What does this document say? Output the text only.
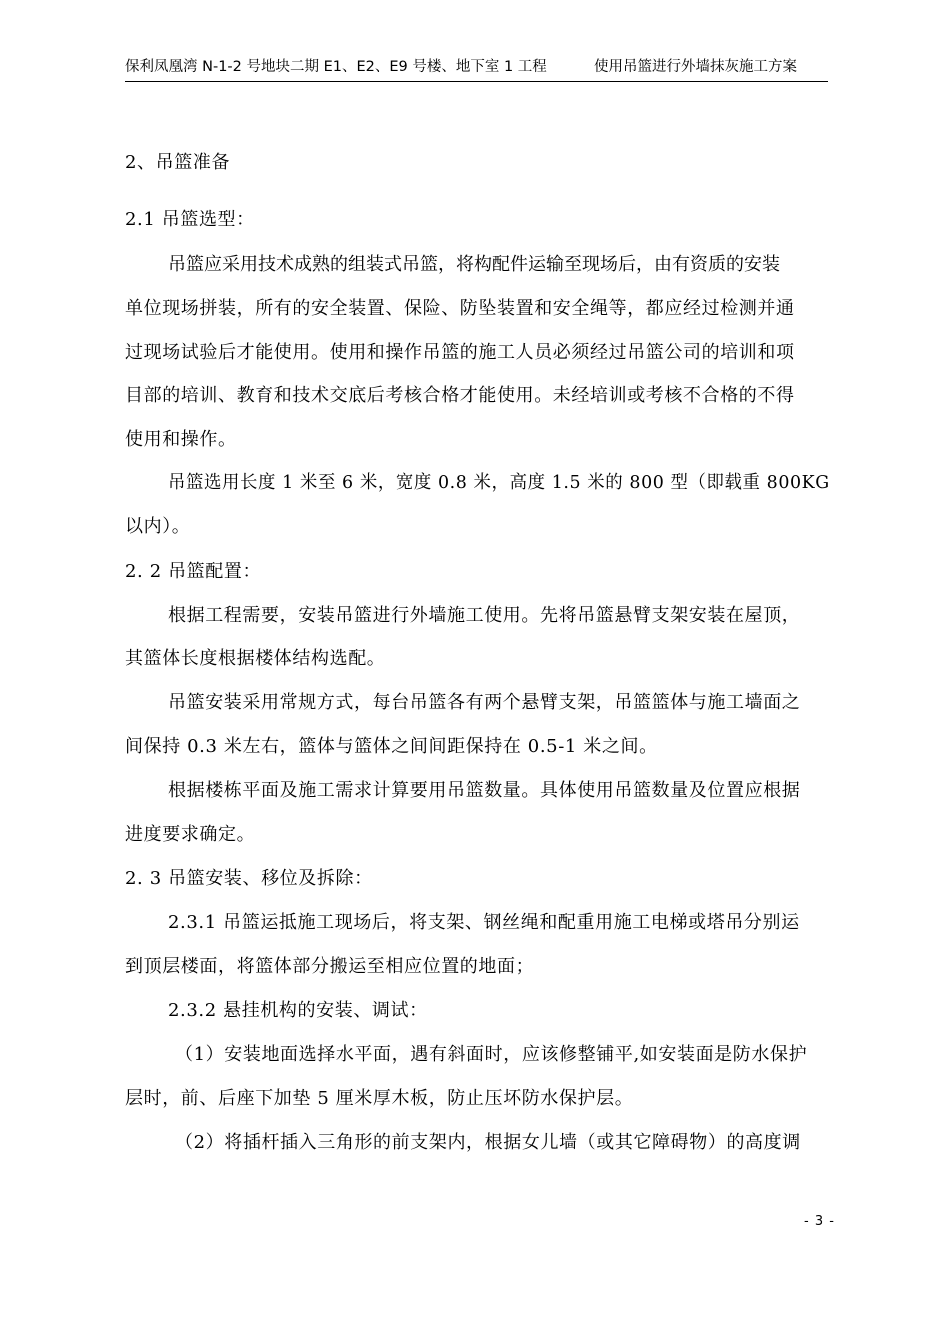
保利凤凰湾 N-1-2 号地块二期 E1、E2、E9 号楼、地下室 1 工程	使用吊篮进行外墙抹灰施工方案
2、吊篮准备
2.1 吊篮选型：
吊篮应采用技术成熟的组装式吊篮，将构配件运输至现场后，由有资质的安装
单位现场拼装，所有的安全装置、保险、防坠装置和安全绳等，都应经过检测并通
过现场试验后才能使用。使用和操作吊篮的施工人员必须经过吊篮公司的培训和项
目部的培训、教育和技术交底后考核合格才能使用。未经培训或考核不合格的不得
使用和操作。
吊篮选用长度 1 米至 6 米，宽度 0.8 米，高度 1.5 米的 800 型（即载重 800KG
以内）。
2. 2 吊篮配置：
根据工程需要，安装吊篮进行外墙施工使用。先将吊篮悬臂支架安装在屋顶，
其篮体长度根据楼体结构选配。
吊篮安装采用常规方式，每台吊篮各有两个悬臂支架，吊篮篮体与施工墙面之
间保持 0.3 米左右，篮体与篮体之间间距保持在 0.5-1 米之间。
根据楼栋平面及施工需求计算要用吊篮数量。具体使用吊篮数量及位置应根据
进度要求确定。
2. 3 吊篮安装、移位及拆除：
2.3.1 吊篮运抵施工现场后，将支架、钢丝绳和配重用施工电梯或塔吊分别运
到顶层楼面，将篮体部分搬运至相应位置的地面；
2.3.2 悬挂机构的安装、调试：
（1）安装地面选择水平面，遇有斜面时，应该修整铺平,如安装面是防水保护
层时，前、后座下加垫 5 厘米厚木板，防止压坏防水保护层。
（2）将插杆插入三角形的前支架内，根据女儿墙（或其它障碍物）的高度调
- 3 -
